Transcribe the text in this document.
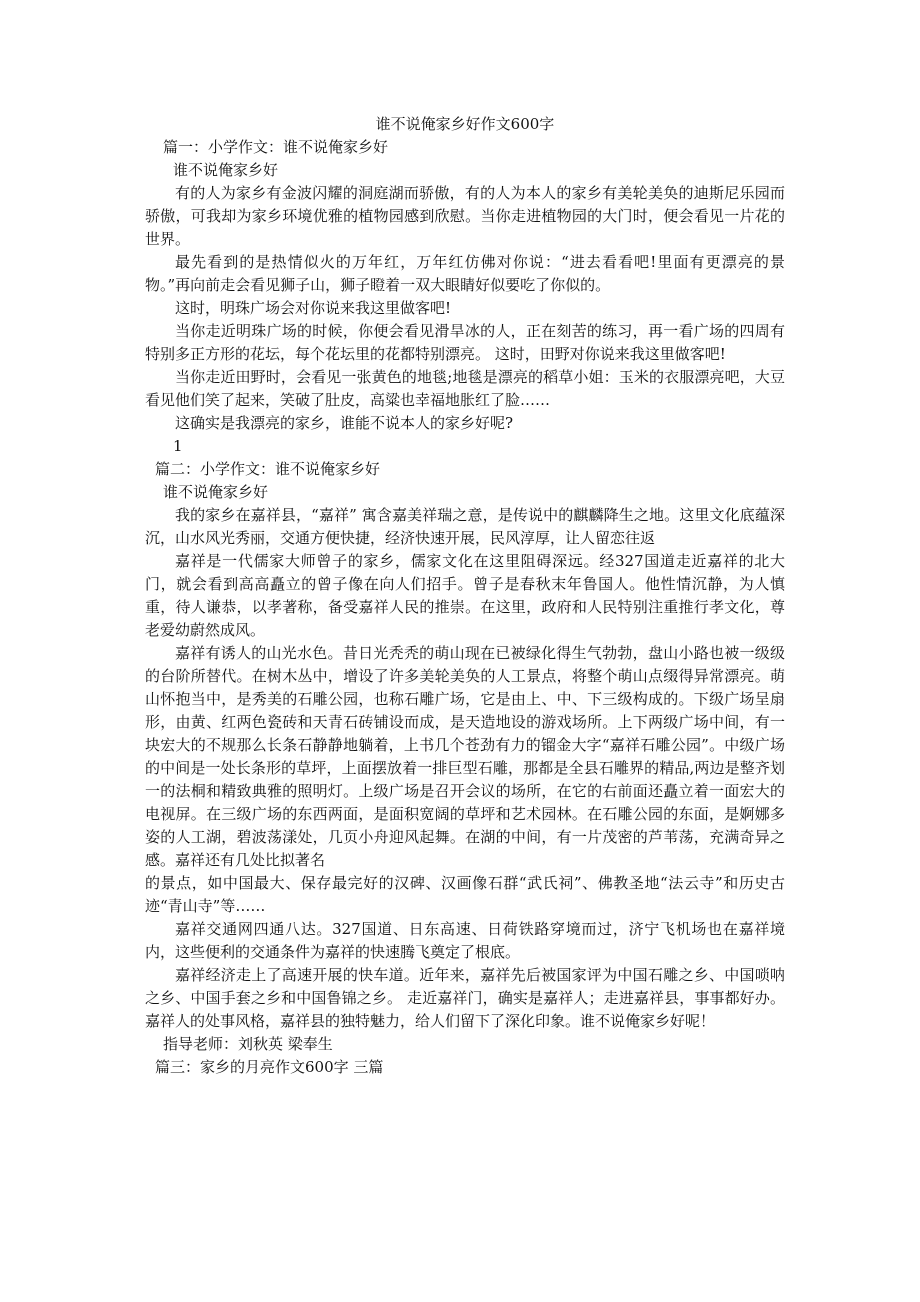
谁不说俺家乡好作文600字

篇一：小学作文：谁不说俺家乡好

谁不说俺家乡好

有的人为家乡有金波闪耀的洞庭湖而骄傲，有的人为本人的家乡有美轮美奂的迪斯尼乐园而骄傲，可我却为家乡环境优雅的植物园感到欣慰。当你走进植物园的大门时，便会看见一片花的世界。

最先看到的是热情似火的万年红，万年红仿佛对你说：“进去看看吧!里面有更漂亮的景物。”再向前走会看见狮子山，狮子瞪着一双大眼睛好似要吃了你似的。

这时，明珠广场会对你说来我这里做客吧!

当你走近明珠广场的时候，你便会看见滑旱冰的人，正在刻苦的练习，再一看广场的四周有特别多正方形的花坛，每个花坛里的花都特别漂亮。 这时，田野对你说来我这里做客吧!

当你走近田野时，会看见一张黄色的地毯;地毯是漂亮的稻草小姐：玉米的衣服漂亮吧，大豆看见他们笑了起来，笑破了肚皮，高粱也幸福地胀红了脸……

这确实是我漂亮的家乡，谁能不说本人的家乡好呢?

1

篇二：小学作文：谁不说俺家乡好

谁不说俺家乡好

我的家乡在嘉祥县，“嘉祥” 寓含嘉美祥瑞之意，是传说中的麒麟降生之地。这里文化底蕴深沉，山水风光秀丽，交通方便快捷，经济快速开展，民风淳厚，让人留恋往返

嘉祥是一代儒家大师曾子的家乡，儒家文化在这里阻碍深远。经327国道走近嘉祥的北大门，就会看到高高矗立的曾子像在向人们招手。曾子是春秋末年鲁国人。他性情沉静，为人慎重，待人谦恭，以孝著称，备受嘉祥人民的推崇。在这里，政府和人民特别注重推行孝文化，尊老爱幼蔚然成风。

嘉祥有诱人的山光水色。昔日光秃秃的萌山现在已被绿化得生气勃勃，盘山小路也被一级级的台阶所替代。在树木丛中，增设了许多美轮美奂的人工景点，将整个萌山点缀得异常漂亮。萌山怀抱当中，是秀美的石雕公园，也称石雕广场，它是由上、中、下三级构成的。下级广场呈扇形，由黄、红两色瓷砖和天青石砖铺设而成，是天造地设的游戏场所。上下两级广场中间，有一块宏大的不规那么长条石静静地躺着，上书几个苍劲有力的镏金大字“嘉祥石雕公园”。中级广场的中间是一处长条形的草坪，上面摆放着一排巨型石雕，那都是全县石雕界的精品,两边是整齐划一的法桐和精致典雅的照明灯。上级广场是召开会议的场所，在它的右前面还矗立着一面宏大的电视屏。在三级广场的东西两面，是面积宽阔的草坪和艺术园林。在石雕公园的东面，是婀娜多姿的人工湖，碧波荡漾处，几页小舟迎风起舞。在湖的中间，有一片茂密的芦苇荡，充满奇异之感。嘉祥还有几处比拟著名

的景点，如中国最大、保存最完好的汉碑、汉画像石群“武氏祠”、佛教圣地“法云寺”和历史古迹“青山寺”等……

嘉祥交通网四通八达。327国道、日东高速、日荷铁路穿境而过，济宁飞机场也在嘉祥境内，这些便利的交通条件为嘉祥的快速腾飞奠定了根底。

嘉祥经济走上了高速开展的快车道。近年来，嘉祥先后被国家评为中国石雕之乡、中国唢呐之乡、中国手套之乡和中国鲁锦之乡。 走近嘉祥门，确实是嘉祥人；走进嘉祥县，事事都好办。嘉祥人的处事风格，嘉祥县的独特魅力，给人们留下了深化印象。谁不说俺家乡好呢！

指导老师：刘秋英 梁奉生

篇三：家乡的月亮作文600字 三篇
